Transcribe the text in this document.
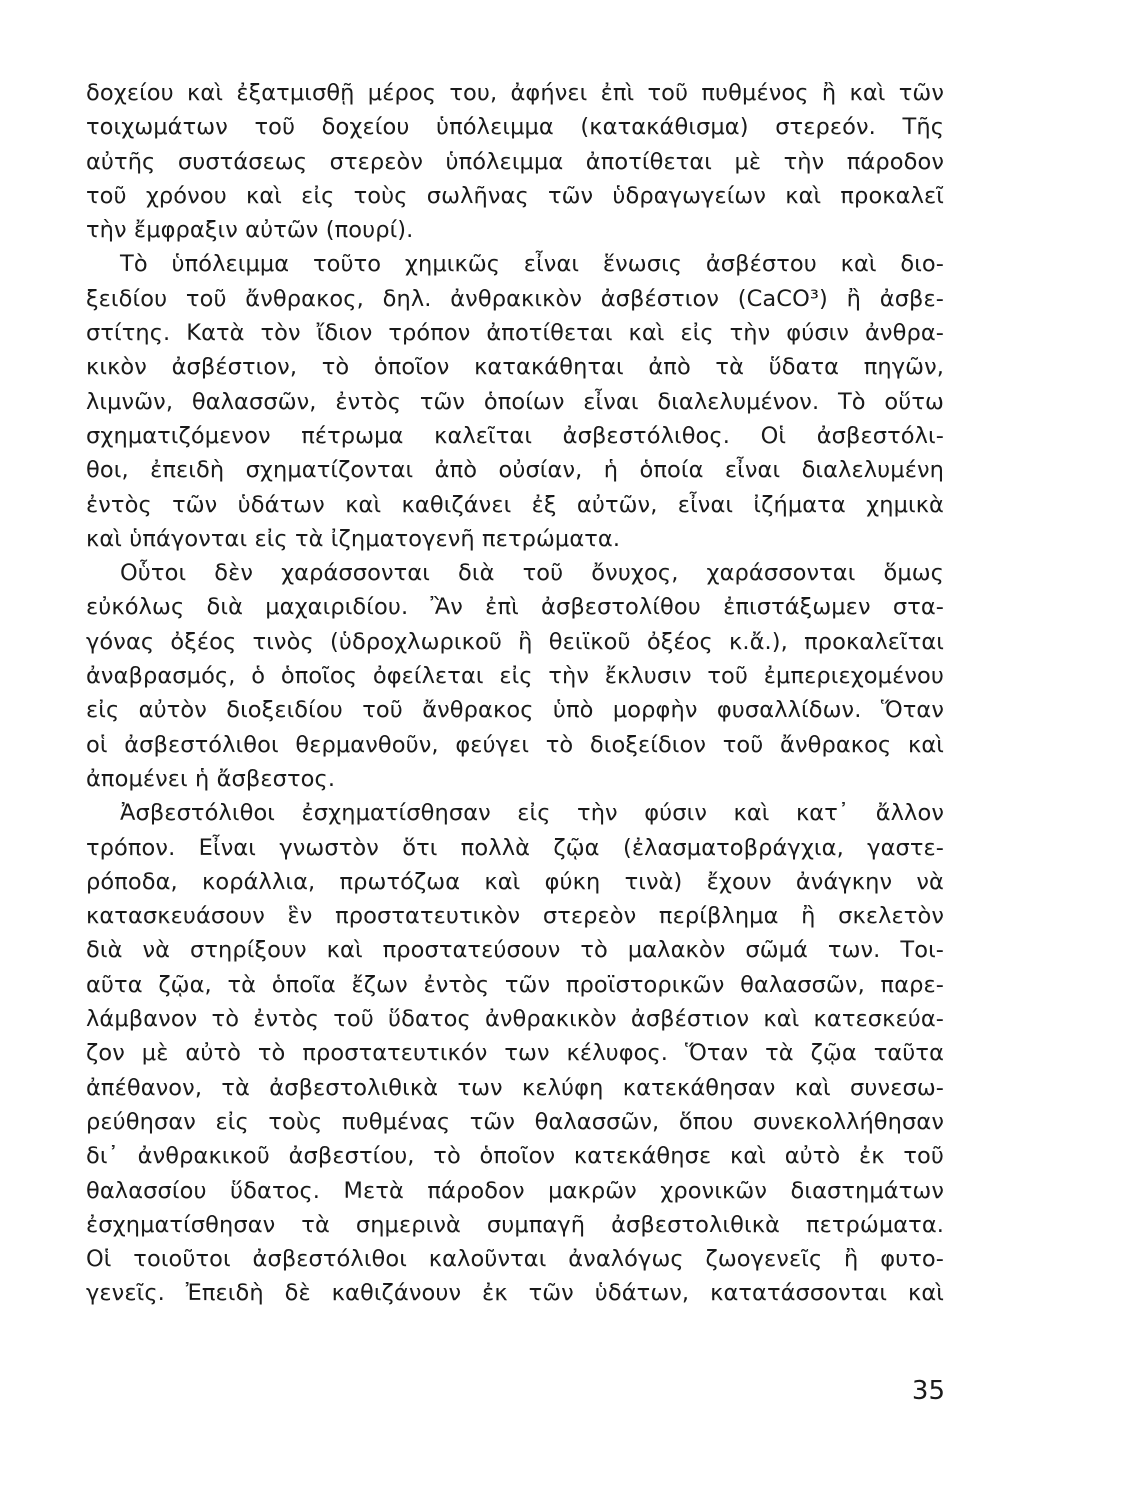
δοχείου καὶ ἐξατμισθῇ μέρος του, ἀφήνει ἐπὶ τοῦ πυθμένος ἢ καὶ τῶν
τοιχωμάτων τοῦ δοχείου ὑπόλειμμα (κατακάθισμα) στερεόν. Τῆς
αὐτῆς συστάσεως στερεὸν ὑπόλειμμα ἀποτίθεται μὲ τὴν πάροδον
τοῦ χρόνου καὶ εἰς τοὺς σωλῆνας τῶν ὑδραγωγείων καὶ προκαλεῖ
τὴν ἔμφραξιν αὐτῶν (πουρί).
Τὸ ὑπόλειμμα τοῦτο χημικῶς εἶναι ἕνωσις ἀσβέστου καὶ διο-
ξειδίου τοῦ ἄνθρακος, δηλ. ἀνθρακικὸν ἀσβέστιον (CaCO³) ἢ ἀσβε-
στίτης. Κατὰ τὸν ἴδιον τρόπον ἀποτίθεται καὶ εἰς τὴν φύσιν ἀνθρα-
κικὸν ἀσβέστιον, τὸ ὁποῖον κατακάθηται ἀπὸ τὰ ὕδατα πηγῶν,
λιμνῶν, θαλασσῶν, ἐντὸς τῶν ὁποίων εἶναι διαλελυμένον. Τὸ οὕτω
σχηματιζόμενον πέτρωμα καλεῖται ἀσβεστόλιθος. Οἱ ἀσβεστόλι-
θοι, ἐπειδὴ σχηματίζονται ἀπὸ οὐσίαν, ἡ ὁποία εἶναι διαλελυμένη
ἐντὸς τῶν ὑδάτων καὶ καθιζάνει ἐξ αὐτῶν, εἶναι ἰζήματα χημικὰ
καὶ ὑπάγονται εἰς τὰ ἰζηματογενῆ πετρώματα.
Οὗτοι δὲν χαράσσονται διὰ τοῦ ὄνυχος, χαράσσονται ὅμως
εὐκόλως διὰ μαχαιριδίου. Ἂν ἐπὶ ἀσβεστολίθου ἐπιστάξωμεν στα-
γόνας ὀξέος τινὸς (ὑδροχλωρικοῦ ἢ θειϊκοῦ ὀξέος κ.ἄ.), προκαλεῖται
ἀναβρασμός, ὁ ὁποῖος ὀφείλεται εἰς τὴν ἔκλυσιν τοῦ ἐμπεριεχομένου
εἰς αὐτὸν διοξειδίου τοῦ ἄνθρακος ὑπὸ μορφὴν φυσαλλίδων. Ὅταν
οἱ ἀσβεστόλιθοι θερμανθοῦν, φεύγει τὸ διοξείδιον τοῦ ἄνθρακος καὶ
ἀπομένει ἡ ἄσβεστος.
Ἀσβεστόλιθοι ἐσχηματίσθησαν εἰς τὴν φύσιν καὶ κατ᾿ ἄλλον
τρόπον. Εἶναι γνωστὸν ὅτι πολλὰ ζῷα (ἐλασματοβράγχια, γαστε-
ρόποδα, κοράλλια, πρωτόζωα καὶ φύκη τινὰ) ἔχουν ἀνάγκην νὰ
κατασκευάσουν ἓν προστατευτικὸν στερεὸν περίβλημα ἢ σκελετὸν
διὰ νὰ στηρίξουν καὶ προστατεύσουν τὸ μαλακὸν σῶμά των. Τοι-
αῦτα ζῷα, τὰ ὁποῖα ἔζων ἐντὸς τῶν προϊστορικῶν θαλασσῶν, παρε-
λάμβανον τὸ ἐντὸς τοῦ ὕδατος ἀνθρακικὸν ἀσβέστιον καὶ κατεσκεύα-
ζον μὲ αὐτὸ τὸ προστατευτικόν των κέλυφος. Ὅταν τὰ ζῷα ταῦτα
ἀπέθανον, τὰ ἀσβεστολιθικὰ των κελύφη κατεκάθησαν καὶ συνεσω-
ρεύθησαν εἰς τοὺς πυθμένας τῶν θαλασσῶν, ὅπου συνεκολλήθησαν
δι᾿ ἀνθρακικοῦ ἀσβεστίου, τὸ ὁποῖον κατεκάθησε καὶ αὐτὸ ἐκ τοῦ
θαλασσίου ὕδατος. Μετὰ πάροδον μακρῶν χρονικῶν διαστημάτων
ἐσχηματίσθησαν τὰ σημερινὰ συμπαγῆ ἀσβεστολιθικὰ πετρώματα.
Οἱ τοιοῦτοι ἀσβεστόλιθοι καλοῦνται ἀναλόγως ζωογενεῖς ἢ φυτο-
γενεῖς. Ἐπειδὴ δὲ καθιζάνουν ἐκ τῶν ὑδάτων, κατατάσσονται καὶ
35
